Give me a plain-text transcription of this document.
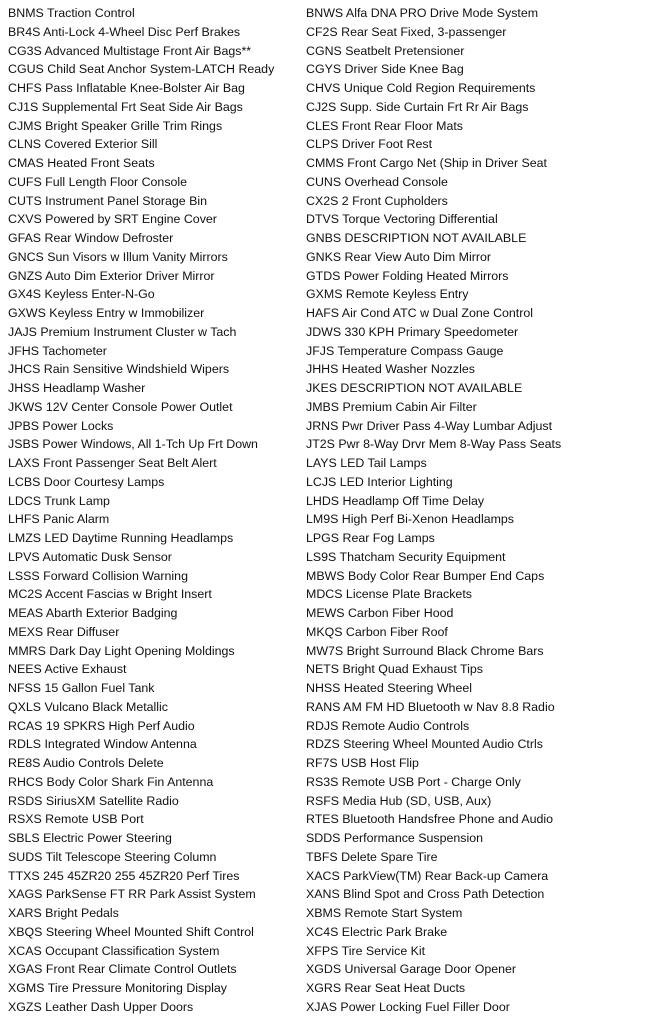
BNMS Traction Control
BR4S Anti-Lock 4-Wheel Disc Perf Brakes
CG3S Advanced Multistage Front Air Bags**
CGUS Child Seat Anchor System-LATCH Ready
CHFS Pass Inflatable Knee-Bolster Air Bag
CJ1S Supplemental Frt Seat Side Air Bags
CJMS Bright Speaker Grille Trim Rings
CLNS Covered Exterior Sill
CMAS Heated Front Seats
CUFS Full Length Floor Console
CUTS Instrument Panel Storage Bin
CXVS Powered by SRT Engine Cover
GFAS Rear Window Defroster
GNCS Sun Visors w Illum Vanity Mirrors
GNZS Auto Dim Exterior Driver Mirror
GX4S Keyless Enter-N-Go
GXWS Keyless Entry w Immobilizer
JAJS Premium Instrument Cluster w Tach
JFHS Tachometer
JHCS Rain Sensitive Windshield Wipers
JHSS Headlamp Washer
JKWS 12V Center Console Power Outlet
JPBS Power Locks
JSBS Power Windows, All 1-Tch Up Frt Down
LAXS Front Passenger Seat Belt Alert
LCBS Door Courtesy Lamps
LDCS Trunk Lamp
LHFS Panic Alarm
LMZS LED Daytime Running Headlamps
LPVS Automatic Dusk Sensor
LSSS Forward Collision Warning
MC2S Accent Fascias w Bright Insert
MEAS Abarth Exterior Badging
MEXS Rear Diffuser
MMRS Dark Day Light Opening Moldings
NEES Active Exhaust
NFSS 15 Gallon Fuel Tank
QXLS Vulcano Black Metallic
RCAS 19 SPKRS High Perf Audio
RDLS Integrated Window Antenna
RE8S Audio Controls Delete
RHCS Body Color Shark Fin Antenna
RSDS SiriusXM Satellite Radio
RSXS Remote USB Port
SBLS Electric Power Steering
SUDS Tilt Telescope Steering Column
TTXS 245 45ZR20 255 45ZR20 Perf Tires
XAGS ParkSense FT RR Park Assist System
XARS Bright Pedals
XBQS Steering Wheel Mounted Shift Control
XCAS Occupant Classification System
XGAS Front Rear Climate Control Outlets
XGMS Tire Pressure Monitoring Display
XGZS Leather Dash Upper Doors
BNWS Alfa DNA PRO Drive Mode System
CF2S Rear Seat Fixed, 3-passenger
CGNS Seatbelt Pretensioner
CGYS Driver Side Knee Bag
CHVS Unique Cold Region Requirements
CJ2S Supp. Side Curtain Frt Rr Air Bags
CLES Front Rear Floor Mats
CLPS Driver Foot Rest
CMMS Front Cargo Net (Ship in Driver Seat
CUNS Overhead Console
CX2S 2 Front Cupholders
DTVS Torque Vectoring Differential
GNBS DESCRIPTION NOT AVAILABLE
GNKS Rear View Auto Dim Mirror
GTDS Power Folding Heated Mirrors
GXMS Remote Keyless Entry
HAFS Air Cond ATC w Dual Zone Control
JDWS 330 KPH Primary Speedometer
JFJS Temperature Compass Gauge
JHHS Heated Washer Nozzles
JKES DESCRIPTION NOT AVAILABLE
JMBS Premium Cabin Air Filter
JRNS Pwr Driver Pass 4-Way Lumbar Adjust
JT2S Pwr 8-Way Drvr Mem 8-Way Pass Seats
LAYS LED Tail Lamps
LCJS LED Interior Lighting
LHDS Headlamp Off Time Delay
LM9S High Perf Bi-Xenon Headlamps
LPGS Rear Fog Lamps
LS9S Thatcham Security Equipment
MBWS Body Color Rear Bumper End Caps
MDCS License Plate Brackets
MEWS Carbon Fiber Hood
MKQS Carbon Fiber Roof
MW7S Bright Surround Black Chrome Bars
NETS Bright Quad Exhaust Tips
NHSS Heated Steering Wheel
RANS AM FM HD Bluetooth w Nav 8.8 Radio
RDJS Remote Audio Controls
RDZS Steering Wheel Mounted Audio Ctrls
RF7S USB Host Flip
RS3S Remote USB Port - Charge Only
RSFS Media Hub (SD, USB, Aux)
RTES Bluetooth Handsfree Phone and Audio
SDDS Performance Suspension
TBFS Delete Spare Tire
XACS ParkView(TM) Rear Back-up Camera
XANS Blind Spot and Cross Path Detection
XBMS Remote Start System
XC4S Electric Park Brake
XFPS Tire Service Kit
XGDS Universal Garage Door Opener
XGRS Rear Seat Heat Ducts
XJAS Power Locking Fuel Filler Door
